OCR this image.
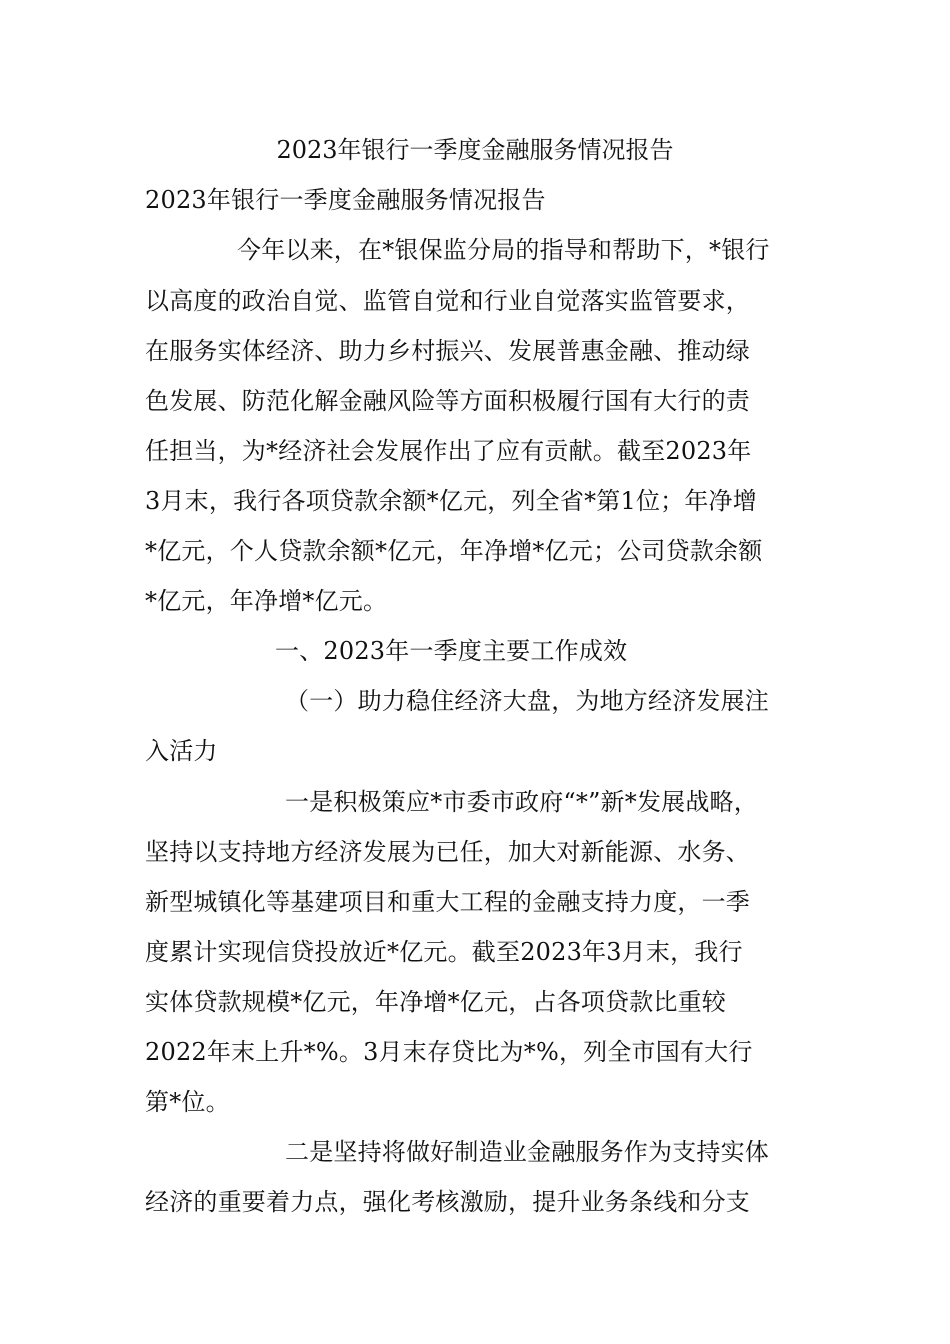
2023年银行一季度金融服务情况报告
2023年银行一季度金融服务情况报告
今年以来，在*银保监分局的指导和帮助下，*银行
以高度的政治自觉、监管自觉和行业自觉落实监管要求，
在服务实体经济、助力乡村振兴、发展普惠金融、推动绿
色发展、防范化解金融风险等方面积极履行国有大行的责
任担当，为*经济社会发展作出了应有贡献。截至2023年
3月末，我行各项贷款余额*亿元，列全省*第1位；年净增
*亿元，个人贷款余额*亿元，年净增*亿元；公司贷款余额
*亿元，年净增*亿元。
一、2023年一季度主要工作成效
（一）助力稳住经济大盘，为地方经济发展注
入活力
一是积极策应*市委市政府“*”新*发展战略，
坚持以支持地方经济发展为已任，加大对新能源、水务、
新型城镇化等基建项目和重大工程的金融支持力度，一季
度累计实现信贷投放近*亿元。截至2023年3月末，我行
实体贷款规模*亿元，年净增*亿元，占各项贷款比重较
2022年末上升*%。3月末存贷比为*%，列全市国有大行
第*位。
二是坚持将做好制造业金融服务作为支持实体
经济的重要着力点，强化考核激励，提升业务条线和分支
